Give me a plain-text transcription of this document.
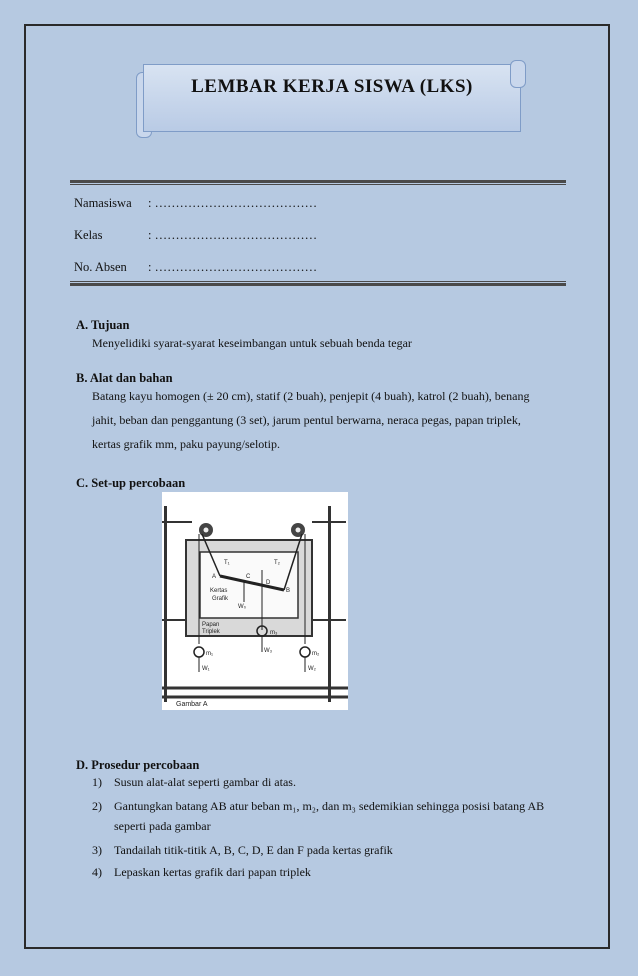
LEMBAR KERJA SISWA (LKS)
Namasiswa : …………………………………
Kelas	: …………………………………
No. Absen : …………………………………
A. Tujuan
Menyelidiki syarat-syarat keseimbangan untuk sebuah benda tegar
B. Alat dan bahan
Batang kayu homogen (± 20 cm), statif (2 buah), penjepit (4 buah), katrol (2 buah), benang
jahit, beban dan penggantung (3 set), jarum pentul berwarna, neraca pegas, papan triplek,
kertas grafik mm, paku payung/selotip.
C. Set-up percobaan
T₁	T₂
A
B
C
D
Kertas
Grafik
W₀
Papan
Triplek	m₃
W₃
m₁
W₁
m₂
W₂
Gambar A
D. Prosedur percobaan
1) Susun alat-alat seperti gambar di atas.
2) Gantungkan batang AB atur beban m₁, m₂, dan m₃ sedemikian sehingga posisi batang AB
seperti pada gambar
3) Tandailah titik-titik A, B, C, D, E dan F pada kertas grafik
4) Lepaskan kertas grafik dari papan triplek
